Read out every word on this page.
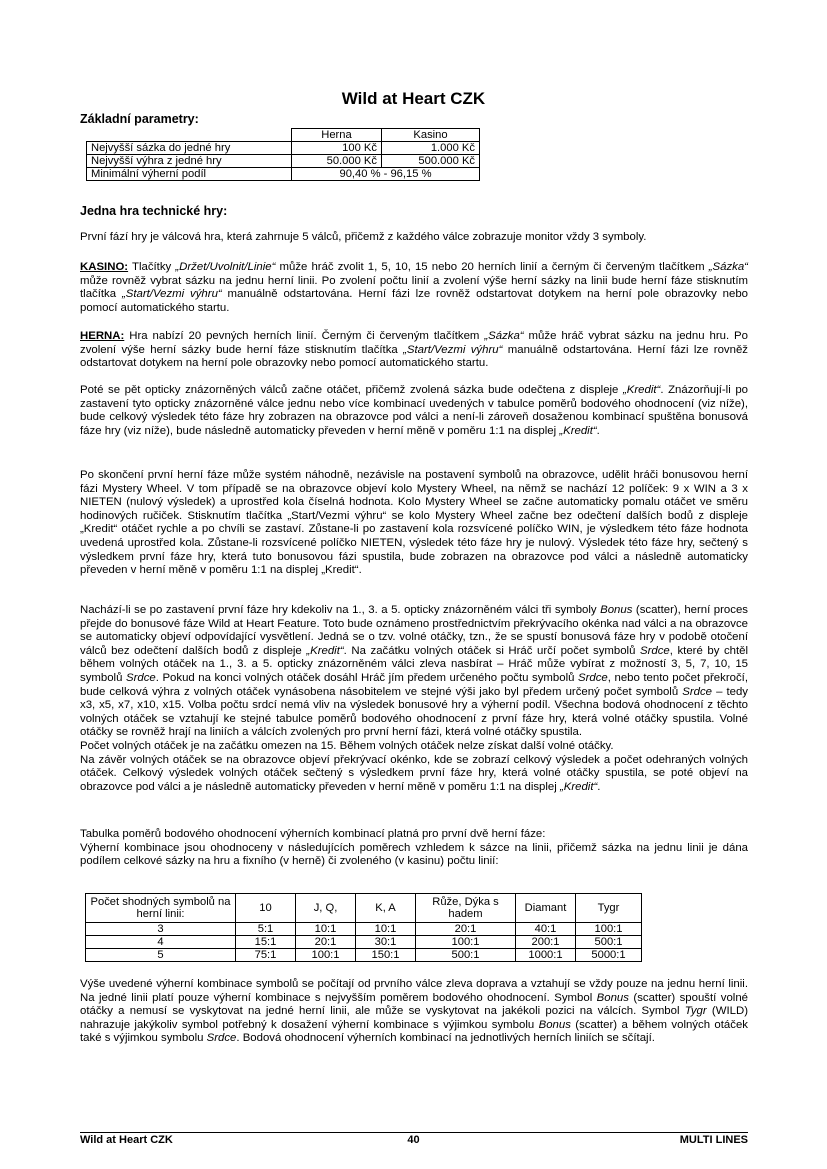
Wild at Heart CZK
Základní parametry:
	Herna	Kasino
Nejvyšší sázka do jedné hry	100 Kč	1.000 Kč
Nejvyšší výhra z jedné hry	50.000 Kč	500.000 Kč
Minimální výherní podíl	90,40 % - 96,15 %	
Jedna hra technické hry:

První fází hry je válcová hra, která zahrnuje 5 válců, přičemž z každého válce zobrazuje monitor vždy 3 symboly.

KASINO: Tlačítky „Držet/Uvolnit/Linie“ může hráč zvolit 1, 5, 10, 15 nebo 20 herních linií a černým či červeným tlačítkem „Sázka“ může rovněž vybrat sázku na jednu herní linii. Po zvolení počtu linií a zvolení výše herní sázky na linii bude herní fáze stisknutím tlačítka „Start/Vezmi výhru“ manuálně odstartována. Herní fázi lze rovněž odstartovat dotykem na herní pole obrazovky nebo pomocí automatického startu.

HERNA: Hra nabízí 20 pevných herních linií. Černým či červeným tlačítkem „Sázka“ může hráč vybrat sázku na jednu hru. Po zvolení výše herní sázky bude herní fáze stisknutím tlačítka „Start/Vezmi výhru“ manuálně odstartována. Herní fázi lze rovněž odstartovat dotykem na herní pole obrazovky nebo pomocí automatického startu.

Poté se pět opticky znázorněných válců začne otáčet, přičemž zvolená sázka bude odečtena z displeje „Kredit“. Znázorňují-li po zastavení tyto opticky znázorněné válce jednu nebo více kombinací uvedených v tabulce poměrů bodového ohodnocení (viz níže), bude celkový výsledek této fáze hry zobrazen na obrazovce pod válci a není-li zároveň dosaženou kombinací spuštěna bonusová fáze hry (viz níže), bude následně automaticky převeden v herní měně v poměru 1:1 na displej „Kredit“.

Po skončení první herní fáze může systém náhodně, nezávisle na postavení symbolů na obrazovce, udělit hráči bonusovou herní fázi Mystery Wheel. V tom případě se na obrazovce objeví kolo Mystery Wheel, na němž se nachází 12 políček: 9 x WIN a 3 x NIETEN (nulový výsledek) a uprostřed kola číselná hodnota. Kolo Mystery Wheel se začne automaticky pomalu otáčet ve směru hodinových ručiček. Stisknutím tlačítka „Start/Vezmi výhru“ se kolo Mystery Wheel začne bez odečtení dalších bodů z displeje „Kredit“ otáčet rychle a po chvíli se zastaví. Zůstane-li po zastavení kola rozsvícené políčko WIN, je výsledkem této fáze hodnota uvedená uprostřed kola. Zůstane-li rozsvícené políčko NIETEN, výsledek této fáze hry je nulový. Výsledek této fáze hry, sečtený s výsledkem první fáze hry, která tuto bonusovou fázi spustila, bude zobrazen na obrazovce pod válci a následně automaticky převeden v herní měně v poměru 1:1 na displej „Kredit“.

Nachází-li se po zastavení první fáze hry kdekoliv na 1., 3. a 5. opticky znázorněném válci tři symboly Bonus (scatter), herní proces přejde do bonusové fáze Wild at Heart Feature. Toto bude oznámeno prostřednictvím překrývacího okénka nad válci a na obrazovce se automaticky objeví odpovídající vysvětlení. Jedná se o tzv. volné otáčky, tzn., že se spustí bonusová fáze hry v podobě otočení válců bez odečtení dalších bodů z displeje „Kredit“. Na začátku volných otáček si Hráč určí počet symbolů Srdce, které by chtěl během volných otáček na 1., 3. a 5. opticky znázorněném válci zleva nasbírat – Hráč může vybírat z možností 3, 5, 7, 10, 15 symbolů Srdce. Pokud na konci volných otáček dosáhl Hráč jím předem určeného počtu symbolů Srdce, nebo tento počet překročí, bude celková výhra z volných otáček vynásobena násobitelem ve stejné výši jako byl předem určený počet symbolů Srdce – tedy x3, x5, x7, x10, x15. Volba počtu srdcí nemá vliv na výsledek bonusové hry a výherní podíl. Všechna bodová ohodnocení z těchto volných otáček se vztahují ke stejné tabulce poměrů bodového ohodnocení z první fáze hry, která volné otáčky spustila. Volné otáčky se rovněž hrají na liniích a válcích zvolených pro první herní fázi, která volné otáčky spustila.
Počet volných otáček je na začátku omezen na 15. Během volných otáček nelze získat další volné otáčky.
Na závěr volných otáček se na obrazovce objeví překrývací okénko, kde se zobrazí celkový výsledek a počet odehraných volných otáček. Celkový výsledek volných otáček sečtený s výsledkem první fáze hry, která volné otáčky spustila, se poté objeví na obrazovce pod válci a je následně automaticky převeden v herní měně v poměru 1:1 na displej „Kredit“.

Tabulka poměrů bodového ohodnocení výherních kombinací platná pro první dvě herní fáze:
Výherní kombinace jsou ohodnoceny v následujících poměrech vzhledem k sázce na linii, přičemž sázka na jednu linii je dána podílem celkové sázky na hru a fixního (v herně) či zvoleného (v kasinu) počtu linií:

Počet shodných symbolů na herní linii:	10	J, Q,	K, A	Růže, Dýka s hadem	Diamant	Tygr
3	5:1	10:1	10:1	20:1	40:1	100:1
4	15:1	20:1	30:1	100:1	200:1	500:1
5	75:1	100:1	150:1	500:1	1000:1	5000:1

Výše uvedené výherní kombinace symbolů se počítají od prvního válce zleva doprava a vztahují se vždy pouze na jednu herní linii. Na jedné linii platí pouze výherní kombinace s nejvyšším poměrem bodového ohodnocení. Symbol Bonus (scatter) spouští volné otáčky a nemusí se vyskytovat na jedné herní linii, ale může se vyskytovat na jakékoli pozici na válcích. Symbol Tygr (WILD) nahrazuje jakýkoliv symbol potřebný k dosažení výherní kombinace s výjimkou symbolu Bonus (scatter) a během volných otáček také s výjimkou symbolu Srdce. Bodová ohodnocení výherních kombinací na jednotlivých herních liniích se sčítají.

Wild at Heart CZK	40	MULTI LINES
